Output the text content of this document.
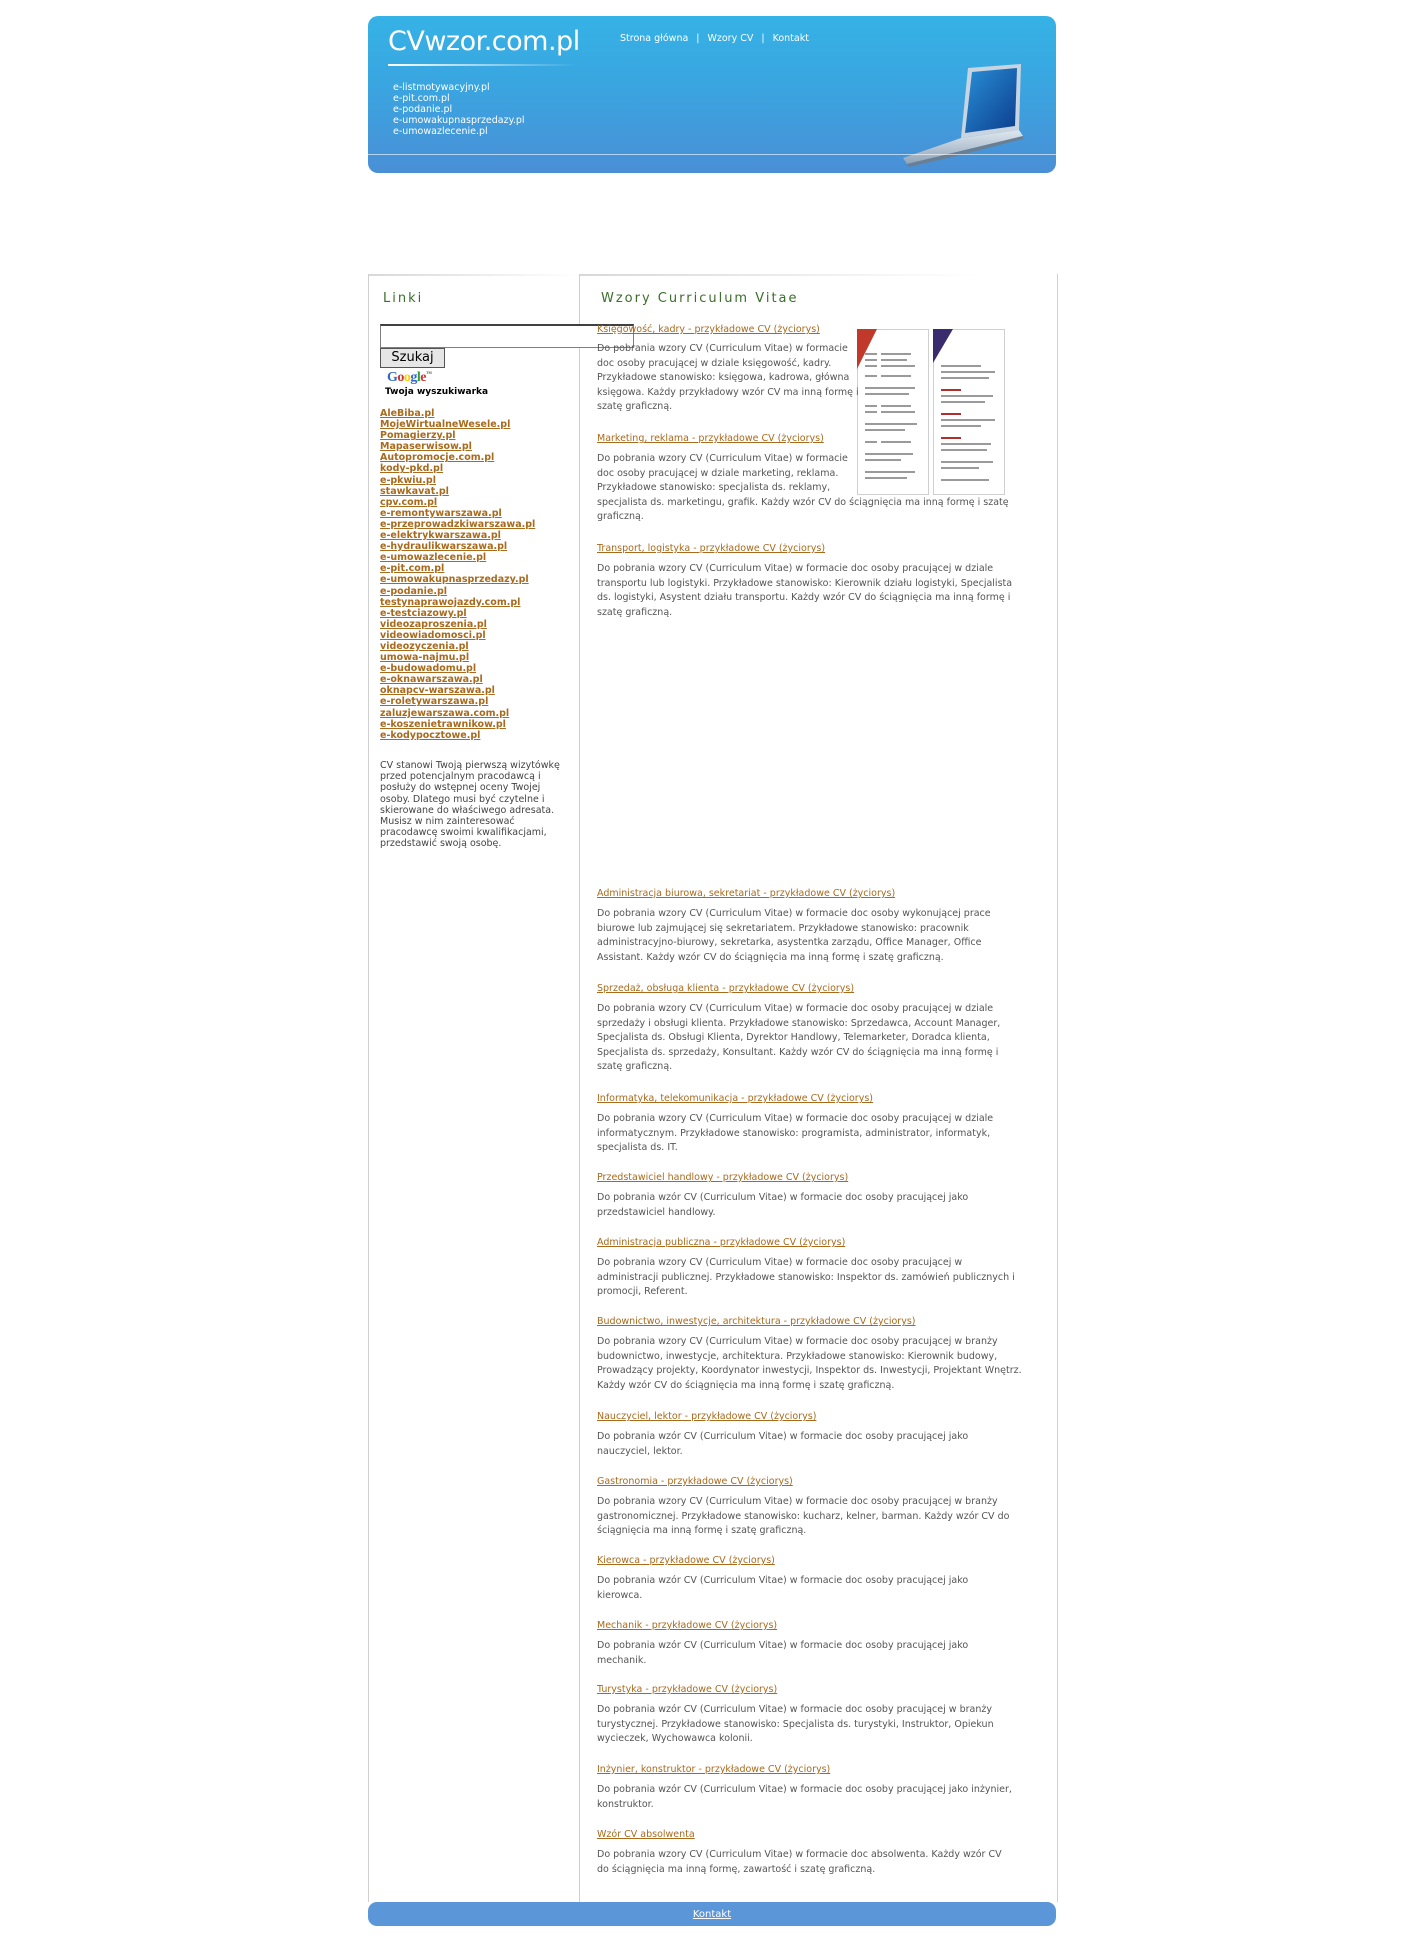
CVwzor.com.pl	Strona główna | Wzory CV | Kontakt
e-listmotywacyjny.pl
e-pit.com.pl
e-podanie.pl
e-umowakupnasprzedazy.pl
e-umowazlecenie.pl
Linki
Szukaj
Google™
Twoja wyszukiwarka
AleBiba.pl
MojeWirtualneWesele.pl
Pomagierzy.pl
Mapaserwisow.pl
Autopromocje.com.pl
kody-pkd.pl
e-pkwiu.pl
stawkavat.pl
cpv.com.pl
e-remontywarszawa.pl
e-przeprowadzkiwarszawa.pl
e-elektrykwarszawa.pl
e-hydraulikwarszawa.pl
e-umowazlecenie.pl
e-pit.com.pl
e-umowakupnasprzedazy.pl
e-podanie.pl
testynaprawojazdy.com.pl
e-testciazowy.pl
videozaproszenia.pl
videowiadomosci.pl
videozyczenia.pl
umowa-najmu.pl
e-budowadomu.pl
e-oknawarszawa.pl
oknapcv-warszawa.pl
e-roletywarszawa.pl
zaluzjewarszawa.com.pl
e-koszenietrawnikow.pl
e-kodypocztowe.pl
CV stanowi Twoją pierwszą wizytówkę przed potencjalnym pracodawcą i posłuży do wstępnej oceny Twojej osoby. Dlatego musi być czytelne i skierowane do właściwego adresata. Musisz w nim zainteresować pracodawcę swoimi kwalifikacjami, przedstawić swoją osobę.
Wzory Curriculum Vitae
Księgowość, kadry - przykładowe CV (życiorys)
Do pobrania wzory CV (Curriculum Vitae) w formacie
doc osoby pracującej w dziale księgowość, kadry.
Przykładowe stanowisko: księgowa, kadrowa, główna
księgowa. Każdy przykładowy wzór CV ma inną formę i
szatę graficzną.
Marketing, reklama - przykładowe CV (życiorys)
Do pobrania wzory CV (Curriculum Vitae) w formacie
doc osoby pracującej w dziale marketing, reklama.
Przykładowe stanowisko: specjalista ds. reklamy,
specjalista ds. marketingu, grafik. Każdy wzór CV do ściągnięcia ma inną formę i szatę
graficzną.
Transport, logistyka - przykładowe CV (życiorys)
Do pobrania wzory CV (Curriculum Vitae) w formacie doc osoby pracującej w dziale
transportu lub logistyki. Przykładowe stanowisko: Kierownik działu logistyki, Specjalista
ds. logistyki, Asystent działu transportu. Każdy wzór CV do ściągnięcia ma inną formę i
szatę graficzną.
Administracja biurowa, sekretariat - przykładowe CV (życiorys)
Do pobrania wzory CV (Curriculum Vitae) w formacie doc osoby wykonującej prace
biurowe lub zajmującej się sekretariatem. Przykładowe stanowisko: pracownik
administracyjno-biurowy, sekretarka, asystentka zarządu, Office Manager, Office
Assistant. Każdy wzór CV do ściągnięcia ma inną formę i szatę graficzną.
Sprzedaż, obsługa klienta - przykładowe CV (życiorys)
Do pobrania wzory CV (Curriculum Vitae) w formacie doc osoby pracującej w dziale
sprzedaży i obsługi klienta. Przykładowe stanowisko: Sprzedawca, Account Manager,
Specjalista ds. Obsługi Klienta, Dyrektor Handlowy, Telemarketer, Doradca klienta,
Specjalista ds. sprzedaży, Konsultant. Każdy wzór CV do ściągnięcia ma inną formę i
szatę graficzną.
Informatyka, telekomunikacja - przykładowe CV (życiorys)
Do pobrania wzory CV (Curriculum Vitae) w formacie doc osoby pracującej w dziale
informatycznym. Przykładowe stanowisko: programista, administrator, informatyk,
specjalista ds. IT.
Przedstawiciel handlowy - przykładowe CV (życiorys)
Do pobrania wzór CV (Curriculum Vitae) w formacie doc osoby pracującej jako
przedstawiciel handlowy.
Administracja publiczna - przykładowe CV (życiorys)
Do pobrania wzory CV (Curriculum Vitae) w formacie doc osoby pracującej w
administracji publicznej. Przykładowe stanowisko: Inspektor ds. zamówień publicznych i
promocji, Referent.
Budownictwo, inwestycje, architektura - przykładowe CV (życiorys)
Do pobrania wzory CV (Curriculum Vitae) w formacie doc osoby pracującej w branży
budownictwo, inwestycje, architektura. Przykładowe stanowisko: Kierownik budowy,
Prowadzący projekty, Koordynator inwestycji, Inspektor ds. Inwestycji, Projektant Wnętrz.
Każdy wzór CV do ściągnięcia ma inną formę i szatę graficzną.
Nauczyciel, lektor - przykładowe CV (życiorys)
Do pobrania wzór CV (Curriculum Vitae) w formacie doc osoby pracującej jako
nauczyciel, lektor.
Gastronomia - przykładowe CV (życiorys)
Do pobrania wzory CV (Curriculum Vitae) w formacie doc osoby pracującej w branży
gastronomicznej. Przykładowe stanowisko: kucharz, kelner, barman. Każdy wzór CV do
ściągnięcia ma inną formę i szatę graficzną.
Kierowca - przykładowe CV (życiorys)
Do pobrania wzór CV (Curriculum Vitae) w formacie doc osoby pracującej jako
kierowca.
Mechanik - przykładowe CV (życiorys)
Do pobrania wzór CV (Curriculum Vitae) w formacie doc osoby pracującej jako
mechanik.
Turystyka - przykładowe CV (życiorys)
Do pobrania wzór CV (Curriculum Vitae) w formacie doc osoby pracującej w branży
turystycznej. Przykładowe stanowisko: Specjalista ds. turystyki, Instruktor, Opiekun
wycieczek, Wychowawca kolonii.
Inżynier, konstruktor - przykładowe CV (życiorys)
Do pobrania wzór CV (Curriculum Vitae) w formacie doc osoby pracującej jako inżynier,
konstruktor.
Wzór CV absolwenta
Do pobrania wzory CV (Curriculum Vitae) w formacie doc absolwenta. Każdy wzór CV
do ściągnięcia ma inną formę, zawartość i szatę graficzną.
Kontakt
